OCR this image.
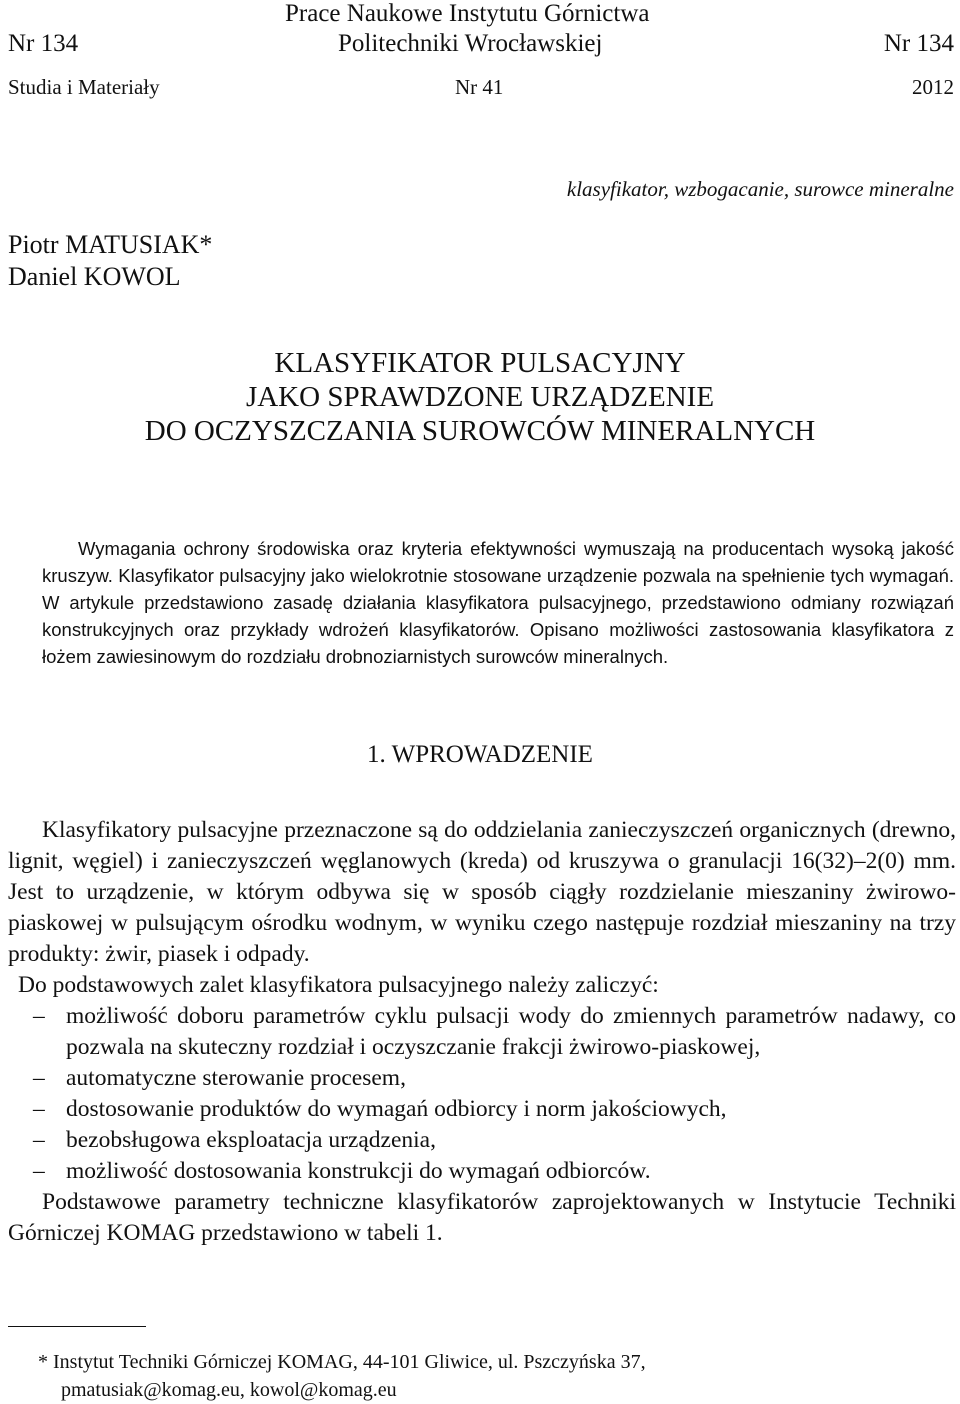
Prace Naukowe Instytutu Górnictwa
Nr 134	Politechniki Wrocławskiej	Nr 134
Studia i Materiały	Nr 41	2012
klasyfikator, wzbogacanie, surowce mineralne
Piotr MATUSIAK*
Daniel KOWOL
KLASYFIKATOR PULSACYJNY
JAKO SPRAWDZONE URZĄDZENIE
DO OCZYSZCZANIA SUROWCÓW MINERALNYCH
Wymagania ochrony środowiska oraz kryteria efektywności wymuszają na producentach wysoką jakość kruszyw. Klasyfikator pulsacyjny jako wielokrotnie stosowane urządzenie pozwala na spełnienie tych wymagań. W artykule przedstawiono zasadę działania klasyfikatora pulsacyjnego, przedstawiono odmiany rozwiązań konstrukcyjnych oraz przykłady wdrożeń klasyfikatorów. Opisano możliwości zastosowania klasyfikatora z łożem zawiesinowym do rozdziału drobnoziarnistych surowców mineralnych.
1. WPROWADZENIE

Klasyfikatory pulsacyjne przeznaczone są do oddzielania zanieczyszczeń organicznych (drewno, lignit, węgiel) i zanieczyszczeń węglanowych (kreda) od kruszywa o granulacji 16(32)–2(0) mm. Jest to urządzenie, w którym odbywa się w sposób ciągły rozdzielanie mieszaniny żwirowo-piaskowej w pulsującym ośrodku wodnym, w wyniku czego następuje rozdział mieszaniny na trzy produkty: żwir, piasek i odpady.

Do podstawowych zalet klasyfikatora pulsacyjnego należy zaliczyć:

– możliwość doboru parametrów cyklu pulsacji wody do zmiennych parametrów nadawy, co pozwala na skuteczny rozdział i oczyszczanie frakcji żwirowo-piaskowej,
– automatyczne sterowanie procesem,
– dostosowanie produktów do wymagań odbiorcy i norm jakościowych,
– bezobsługowa eksploatacja urządzenia,
– możliwość dostosowania konstrukcji do wymagań odbiorców.

Podstawowe parametry techniczne klasyfikatorów zaprojektowanych w Instytucie Techniki Górniczej KOMAG przedstawiono w tabeli 1.

* Instytut Techniki Górniczej KOMAG, 44-101 Gliwice, ul. Pszczyńska 37,
pmatusiak@komag.eu, kowol@komag.eu
